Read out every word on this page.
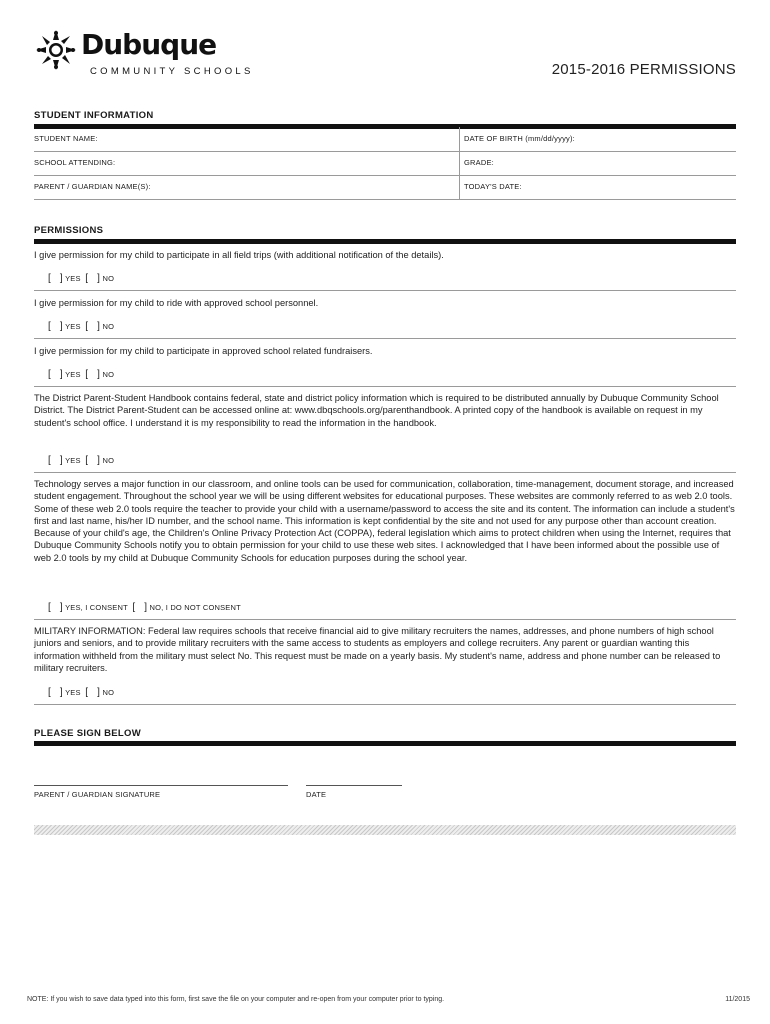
Dubuque
COMMUNITY SCHOOLS	2015-2016 PERMISSIONS
STUDENT INFORMATION
STUDENT NAME:	DATE OF BIRTH (mm/dd/yyyy):
SCHOOL ATTENDING:	GRADE:
PARENT / GUARDIAN NAME(S):	TODAY'S DATE:
PERMISSIONS
I give permission for my child to participate in all field trips (with additional notification of the details).
[   ] YES [   ] NO
I give permission for my child to ride with approved school personnel.
[   ] YES [   ] NO
I give permission for my child to participate in approved school related fundraisers.
[   ] YES [   ] NO
The District Parent-Student Handbook contains federal, state and district policy information which is required to be distributed annually by Dubuque Community School District. The District Parent-Student can be accessed online at: www.dbqschools.org/parenthandbook. A printed copy of the handbook is available on request in my student's school office. I understand it is my responsibility to read the information in the handbook.
[   ] YES [   ] NO
Technology serves a major function in our classroom, and online tools can be used for communication, collaboration, time-management, document storage, and increased student engagement. Throughout the school year we will be using different websites for educational purposes. These websites are commonly referred to as web 2.0 tools. Some of these web 2.0 tools require the teacher to provide your child with a username/password to access the site and its content. The information can include a student's first and last name, his/her ID number, and the school name. This information is kept confidential by the site and not used for any purpose other than account creation. Because of your child's age, the Children's Online Privacy Protection Act (COPPA), federal legislation which aims to protect children when using the Internet, requires that Dubuque Community Schools notify you to obtain permission for your child to use these web sites. I acknowledged that I have been informed about the possible use of web 2.0 tools by my child at Dubuque Community Schools for education purposes during the school year.
[   ] YES, I CONSENT [   ] NO, I DO NOT CONSENT
MILITARY INFORMATION: Federal law requires schools that receive financial aid to give military recruiters the names, addresses, and phone numbers of high school juniors and seniors, and to provide military recruiters with the same access to students as employers and college recruiters. Any parent or guardian wanting this information withheld from the military must select No. This request must be made on a yearly basis. My student's name, address and phone number can be released to military recruiters.
[   ] YES [   ] NO
PLEASE SIGN BELOW
PARENT / GUARDIAN SIGNATURE	DATE
NOTE: If you wish to save data typed into this form, first save the file on your computer and re-open from your computer prior to typing.	11/2015
